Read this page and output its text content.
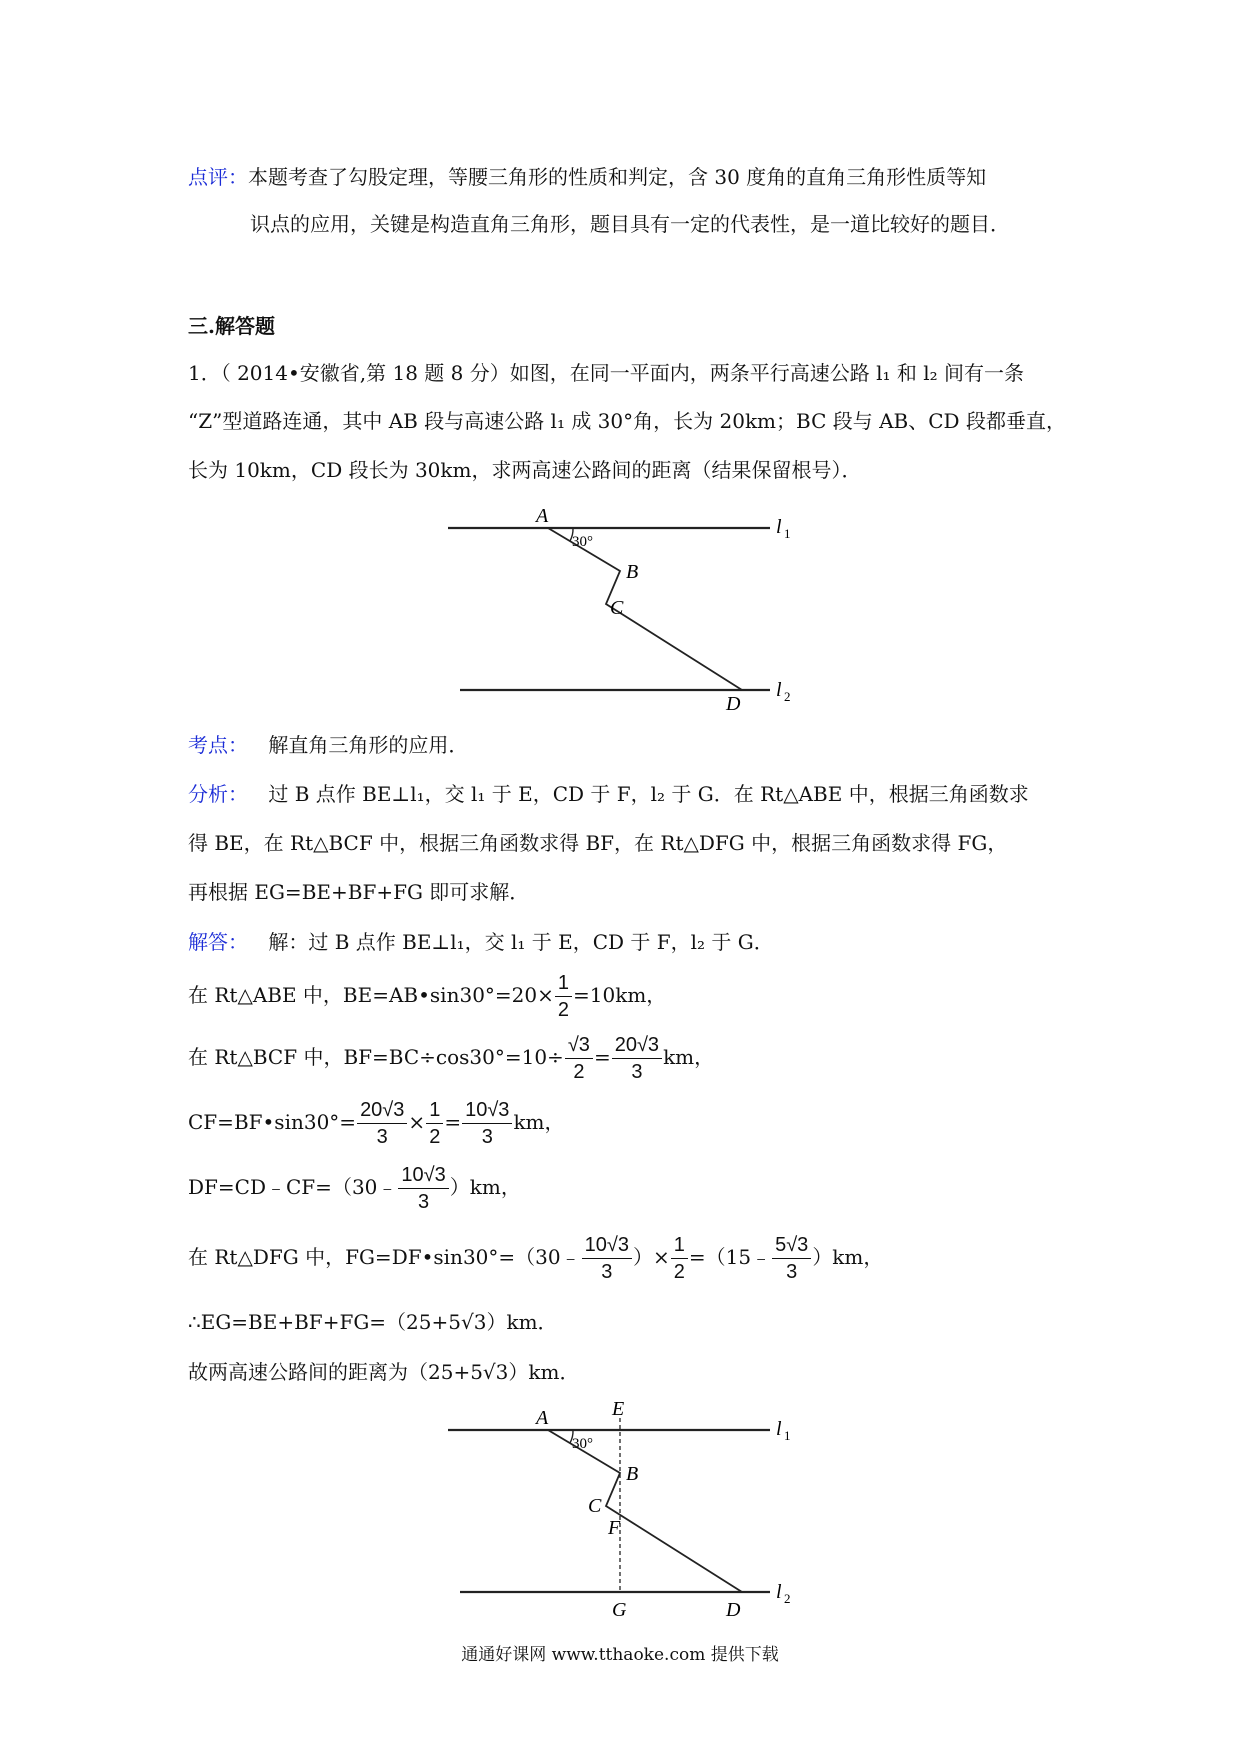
点评：本题考查了勾股定理，等腰三角形的性质和判定，含 30 度角的直角三角形性质等知
识点的应用，关键是构造直角三角形，题目具有一定的代表性，是一道比较好的题目．
三.解答题
1．（ 2014•安徽省,第 18 题 8 分）如图，在同一平面内，两条平行高速公路 l₁ 和 l₂ 间有一条
“Z”型道路连通，其中 AB 段与高速公路 l₁ 成 30°角，长为 20km；BC 段与 AB、CD 段都垂直，
长为 10km，CD 段长为 30km，求两高速公路间的距离（结果保留根号）．
A
B
C
D
30°
l 1
l 2
考点： 解直角三角形的应用．
分析： 过 B 点作 BE⊥l₁，交 l₁ 于 E，CD 于 F，l₂ 于 G．在 Rt△ABE 中，根据三角函数求
得 BE，在 Rt△BCF 中，根据三角函数求得 BF，在 Rt△DFG 中，根据三角函数求得 FG，
再根据 EG=BE+BF+FG 即可求解．
解答： 解：过 B 点作 BE⊥l₁，交 l₁ 于 E，CD 于 F，l₂ 于 G．
在 Rt△ABE 中，BE=AB•sin30°=20× $\frac{1}{2} =10km$，
在 Rt△BCF 中，$BF=BC\div\cos 30^\circ=10\div \frac{√3}{2} = \frac{20√3}{3}$ km，
CF=BF•sin30°= $\frac{20√3}{3} \times \frac{1}{2} = \frac{10√3}{3}$ km，
DF=CD﹣CF=（30﹣ $\frac{10√3}{3} )km$，
在 Rt△DFG 中，FG=DF•sin30°=（30﹣ $\frac{10√3}{3}$ ）× $\frac{1}{2}$ =（15﹣ $\frac{5√3}{3} )km$，
∴EG=BE+BF+FG=（25+5√3）km．
故两高速公路间的距离为（25+5√3）km．
A	E
B
C
F
G	D
30°
l 1
l 2
通通好课网 www.tthaoke.com 提供下载
